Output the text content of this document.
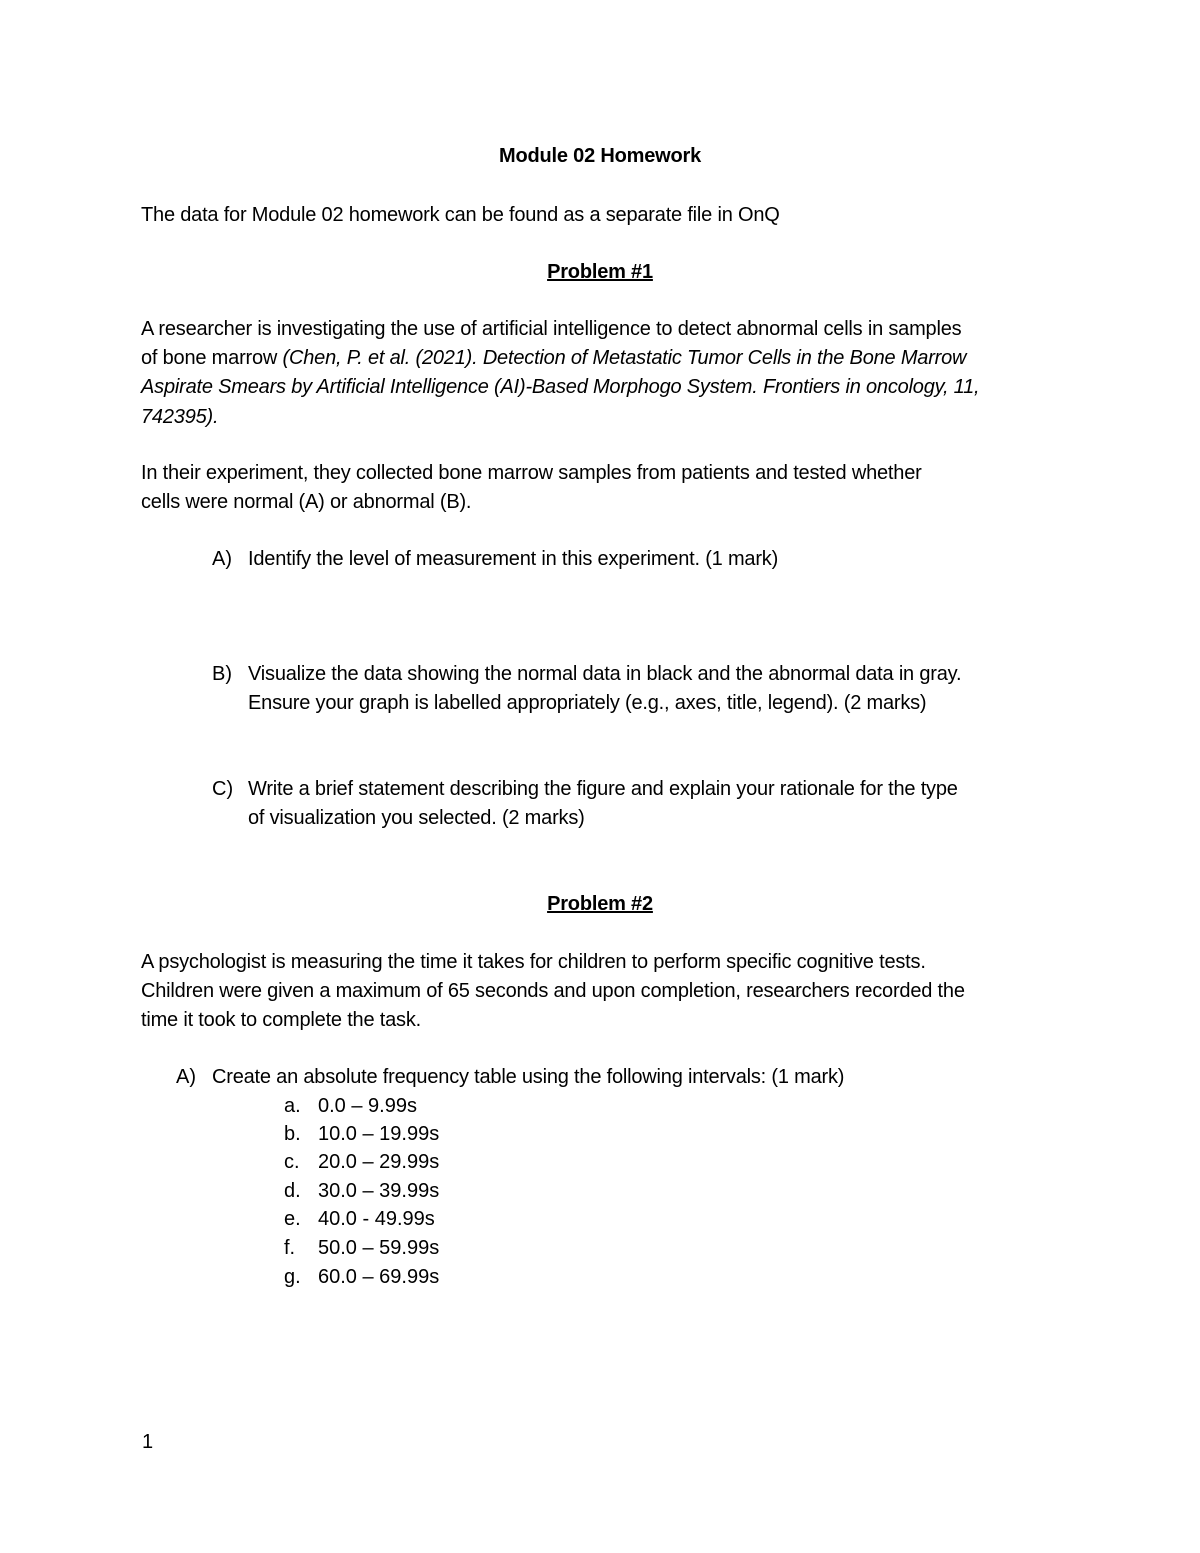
Module 02 Homework
The data for Module 02 homework can be found as a separate file in OnQ
Problem #1
A researcher is investigating the use of artificial intelligence to detect abnormal cells in samples
of bone marrow (Chen, P. et al. (2021). Detection of Metastatic Tumor Cells in the Bone Marrow
Aspirate Smears by Artificial Intelligence (AI)-Based Morphogo System. Frontiers in oncology, 11,
742395).
In their experiment, they collected bone marrow samples from patients and tested whether
cells were normal (A) or abnormal (B).
A) Identify the level of measurement in this experiment. (1 mark)
B) Visualize the data showing the normal data in black and the abnormal data in gray.
Ensure your graph is labelled appropriately (e.g., axes, title, legend). (2 marks)
C) Write a brief statement describing the figure and explain your rationale for the type
of visualization you selected. (2 marks)
Problem #2
A psychologist is measuring the time it takes for children to perform specific cognitive tests.
Children were given a maximum of 65 seconds and upon completion, researchers recorded the
time it took to complete the task.
A) Create an absolute frequency table using the following intervals: (1 mark)
a. 0.0 – 9.99s
b. 10.0 – 19.99s
c. 20.0 – 29.99s
d. 30.0 – 39.99s
e. 40.0 - 49.99s
f. 50.0 – 59.99s
g. 60.0 – 69.99s
1
